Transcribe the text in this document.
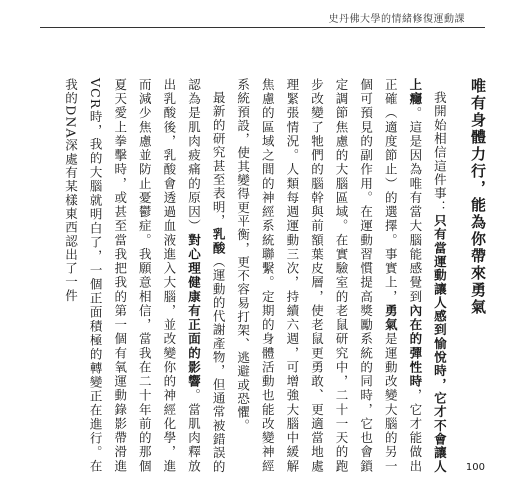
史丹佛大學的情緒修復運動課
唯有身體力行，能為你帶來勇氣
我開始相信這件事：只有當運動讓人感到愉悅時，它才不會讓人上癮。這是因為唯有當大腦能感覺到內在的彈性時，它才能做出正確（適度節止）的選擇。事實上，勇氣是運動改變大腦的另一個可預見的副作用。在運動習慣提高獎勵系統的同時，它也會鎖定調節焦慮的大腦區域。在實驗室的老鼠研究中，二十一天的跑步改變了牠們的腦幹與前額葉皮層，使老鼠更勇敢、更適當地處理緊張情況。人類每週運動三次，持續六週，可增強大腦中緩解焦慮的區域之間的神經系統聯繫。定期的身體活動也能改變神經系統預設，使其變得更平衡，更不容易打架、逃避或恐懼。
最新的研究甚至表明，乳酸（運動的代謝產物，但通常被錯誤的認為是肌肉疲痛的原因）對心理健康有正面的影響。當肌肉釋放出乳酸後，乳酸會透過血液進入大腦，並改變你的神經化學，進而減少焦慮並防止憂鬱症。我願意相信，當我在二十年前的那個夏天愛上拳擊時，或甚至當我把我的第一個有氧運動錄影帶滑進VCR時，我的大腦就明白了，一個正面積極的轉變正在進行。在我的DNA深處有某樣東西認出了一件
100
